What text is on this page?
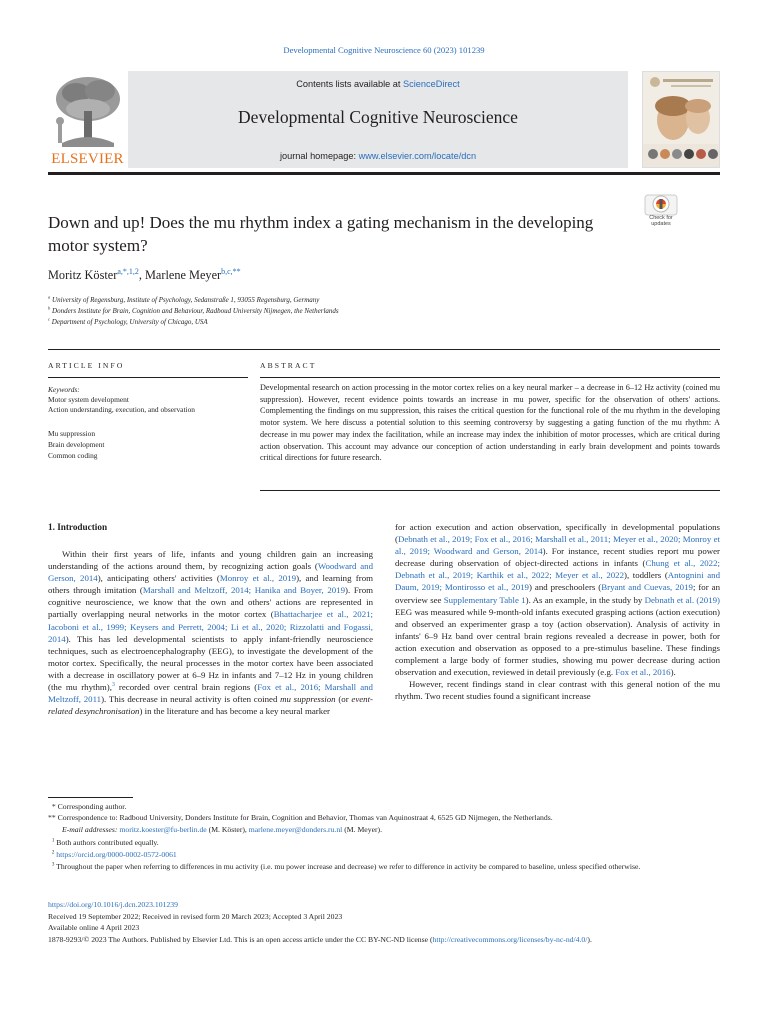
Developmental Cognitive Neuroscience 60 (2023) 101239
ELSEVIER
Contents lists available at ScienceDirect
Developmental Cognitive Neuroscience
journal homepage: www.elsevier.com/locate/dcn
Down and up! Does the mu rhythm index a gating mechanism in the developing motor system?
Check for updates
Moritz Köster$^{a,*,1,2}$, Marlene Meyer$^{b,c,**}$
$^a$ University of Regensburg, Institute of Psychology, Sedanstraße 1, 93055 Regensburg, Germany
$^b$ Donders Institute for Brain, Cognition and Behaviour, Radboud University Nijmegen, the Netherlands
$^c$ Department of Psychology, University of Chicago, USA
ARTICLE INFO
Keywords:
Motor system development
Action understanding, execution, and observation
Mu suppression
Brain development
Common coding
ABSTRACT
Developmental research on action processing in the motor cortex relies on a key neural marker – a decrease in 6–12 Hz activity (coined mu suppression). However, recent evidence points towards an increase in mu power, specific for the observation of others' actions. Complementing the findings on mu suppression, this raises the critical question for the functional role of the mu rhythm in the developing motor system. We here discuss a potential solution to this seeming controversy by suggesting a gating function of the mu rhythm: A decrease in mu power may index the facilitation, while an increase may index the inhibition of motor processes, which are critical during action observation. This account may advance our conception of action understanding in early brain development and points towards critical directions for future research.
1. Introduction

Within their first years of life, infants and young children gain an increasing understanding of the actions around them, by recognizing action goals (Woodward and Gerson, 2014), anticipating others' activities (Monroy et al., 2019), and learning from others through imitation (Marshall and Meltzoff, 2014; Hanika and Boyer, 2019). From cognitive neuroscience, we know that the own and others' actions are represented in partially overlapping neural networks in the motor cortex (Bhattacharjee et al., 2021; Iacoboni et al., 1999; Keysers and Perrett, 2004; Li et al., 2020; Rizzolatti and Fogassi, 2014). This has led developmental scientists to apply infant-friendly neuroscience techniques, such as electroencephalography (EEG), to investigate the development of the motor cortex. Specifically, the neural processes in the motor cortex have been associated with a decrease in oscillatory power at 6–9 Hz in infants and 7–12 Hz in young children (the mu rhythm),$^3$ recorded over central brain regions (Fox et al., 2016; Marshall and Meltzoff, 2011). This decrease in neural activity is often coined mu suppression (or event-related desynchronisation) in the literature and has become a key neural marker

for action execution and action observation, specifically in developmental populations (Debnath et al., 2019; Fox et al., 2016; Marshall et al., 2011; Meyer et al., 2020; Monroy et al., 2019; Woodward and Gerson, 2014). For instance, recent studies report mu power decrease during observation of object-directed actions in infants (Chung et al., 2022; Debnath et al., 2019; Karthik et al., 2022; Meyer et al., 2022), toddlers (Antognini and Daum, 2019; Montirosso et al., 2019) and preschoolers (Bryant and Cuevas, 2019; for an overview see Supplementary Table 1). As an example, in the study by Debnath et al. (2019) EEG was measured while 9-month-old infants executed grasping actions (action execution) and observed an experimenter grasp a toy (action observation). Analysis of activity in infants' 6–9 Hz band over central brain regions revealed a decrease in power, both for action execution and observation as opposed to a pre-stimulus baseline. These findings complement a large body of former studies, showing mu power decrease during action observation and execution, reviewed in detail previously (e.g. Fox et al., 2016).

However, recent findings stand in clear contrast with this general notion of the mu rhythm. Two recent studies found a significant increase

* Corresponding author.
** Correspondence to: Radboud University, Donders Institute for Brain, Cognition and Behavior, Thomas van Aquinostraat 4, 6525 GD Nijmegen, the Netherlands.
E-mail addresses: moritz.koester@fu-berlin.de (M. Köster), marlene.meyer@donders.ru.nl (M. Meyer).
$^1$ Both authors contributed equally.
$^2$ https://orcid.org/0000-0002-0572-0061
$^3$ Throughout the paper when referring to differences in mu activity (i.e. mu power increase and decrease) we refer to difference in activity be compared to baseline, unless specified otherwise.
https://doi.org/10.1016/j.dcn.2023.101239
Received 19 September 2022; Received in revised form 20 March 2023; Accepted 3 April 2023
Available online 4 April 2023
1878-9293/© 2023 The Authors. Published by Elsevier Ltd. This is an open access article under the CC BY-NC-ND license (http://creativecommons.org/licenses/by-nc-nd/4.0/).
